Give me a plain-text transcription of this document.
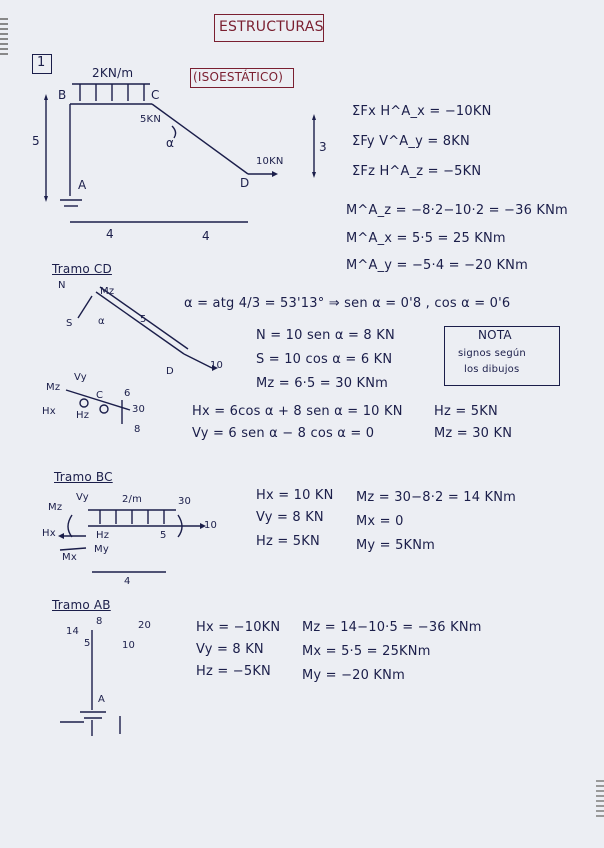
ESTRUCTURAS
1
(ISOESTÁTICO)
2KN/m
B	C
A	D
5KN
10KN
α
5	3
4	4
ΣFx H^A_x = −10KN
ΣFy V^A_y = 8KN
ΣFz H^A_z = −5KN
M^A_z = −8·2−10·2 = −36 KNm
M^A_x = 5·5 = 25 KNm
M^A_y = −5·4 = −20 KNm
Tramo CD
N
Mz
S	α	5
D
10
Mz
Vy
Hx Hz
C 6
30
8
α = atg 4/3 = 53'13° ⇒ sen α = 0'8 , cos α = 0'6
N = 10 sen α = 8 KN
S = 10 cos α = 6 KN
Mz = 6·5 = 30 KNm
Hx = 6cos α + 8 sen α = 10 KN
Vy = 6 sen α − 8 cos α = 0
Hz = 5KN
Mz = 30 KN
NOTA
signos según
los dibujos
Tramo BC
Vy	2/m	30
Mz
Hx	Hz
Mx
My
5
10
4
Hx = 10 KN
Vy = 8 KN
Hz = 5KN
Mz = 30−8·2 = 14 KNm
Mx = 0
My = 5KNm
Tramo AB
14
8	20
5	10
A
Hx = −10KN
Vy = 8 KN
Hz = −5KN
Mz = 14−10·5 = −36 KNm
Mx = 5·5 = 25KNm
My = −20 KNm
